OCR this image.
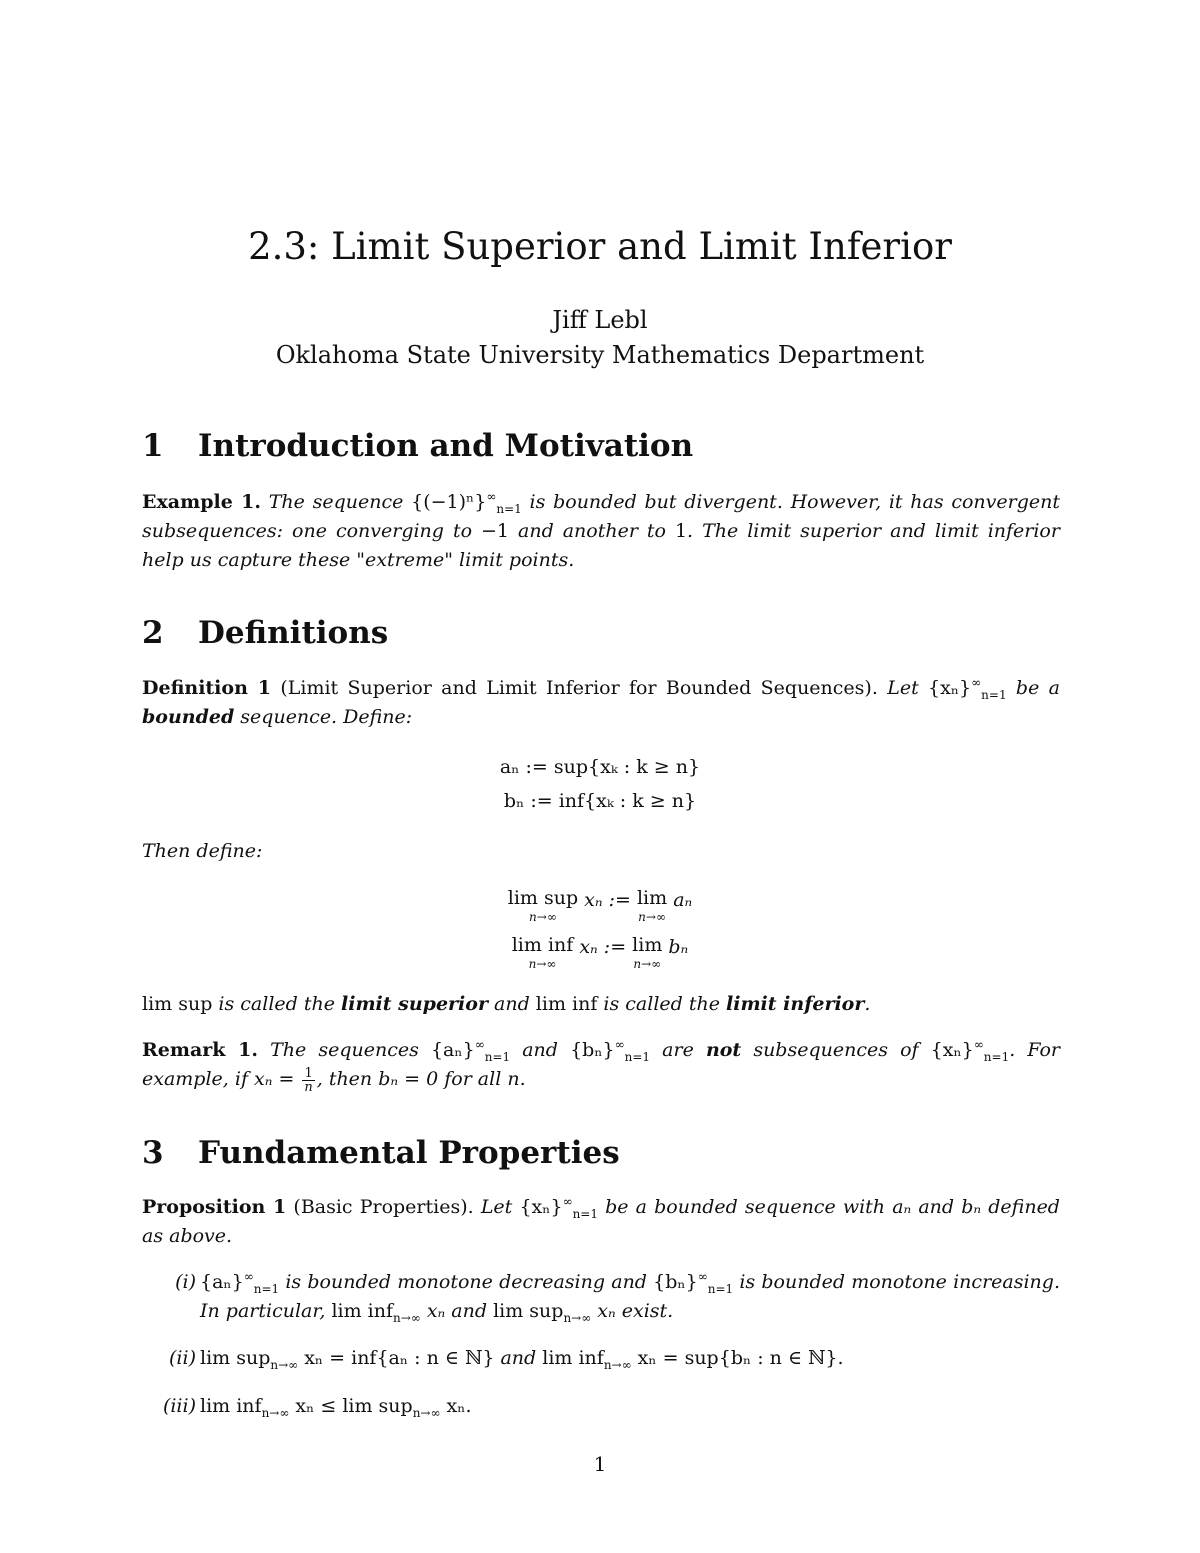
2.3: Limit Superior and Limit Inferior
Jiff Lebl
Oklahoma State University Mathematics Department
1 Introduction and Motivation
Example 1. The sequence $\{(-1)^n\}^\infty_{n=1}$ is bounded but divergent. However, it has convergent subsequences: one converging to −1 and another to 1. The limit superior and limit inferior help us capture these "extreme" limit points.
2 Definitions
Definition 1 (Limit Superior and Limit Inferior for Bounded Sequences). Let $\{x_n\}^\infty_{n=1}$ be a bounded sequence. Define:
aₙ := sup{xₖ : k ≥ n}
bₙ := inf{xₖ : k ≥ n}
Then define:
lim sup
n→∞
xₙ := lim
n→∞
aₙ
lim inf
n→∞
xₙ := lim
n→∞
bₙ
lim sup is called the limit superior and lim inf is called the limit inferior.
Remark 1. The sequences $\{a_n\}^\infty_{n=1}$ and $\{b_n\}^\infty_{n=1}$ are not subsequences of $\{x_n\}^\infty_{n=1}$. For example, if $x_n = \frac{1}{n}$ , then bₙ = 0 for all n.
3 Fundamental Properties
Proposition 1 (Basic Properties). Let $\{x_n\}^\infty_{n=1}$ be a bounded sequence with aₙ and bₙ defined as above.
(i) $\{a_n\}^\infty_{n=1}$ is bounded monotone decreasing and $\{b_n\}^\infty_{n=1}$ is bounded monotone increasing. In particular, lim inf$_{n\to\infty}$ xₙ and lim sup$_{n\to\infty}$ xₙ exist.
(ii) lim sup$_{n\to\infty}$ xₙ = inf{aₙ : n ∈ ℕ} and lim inf$_{n\to\infty}$ xₙ = sup{bₙ : n ∈ ℕ}.
(iii) lim inf$_{n\to\infty}$ xₙ ≤ lim sup$_{n\to\infty}$ xₙ.
1
